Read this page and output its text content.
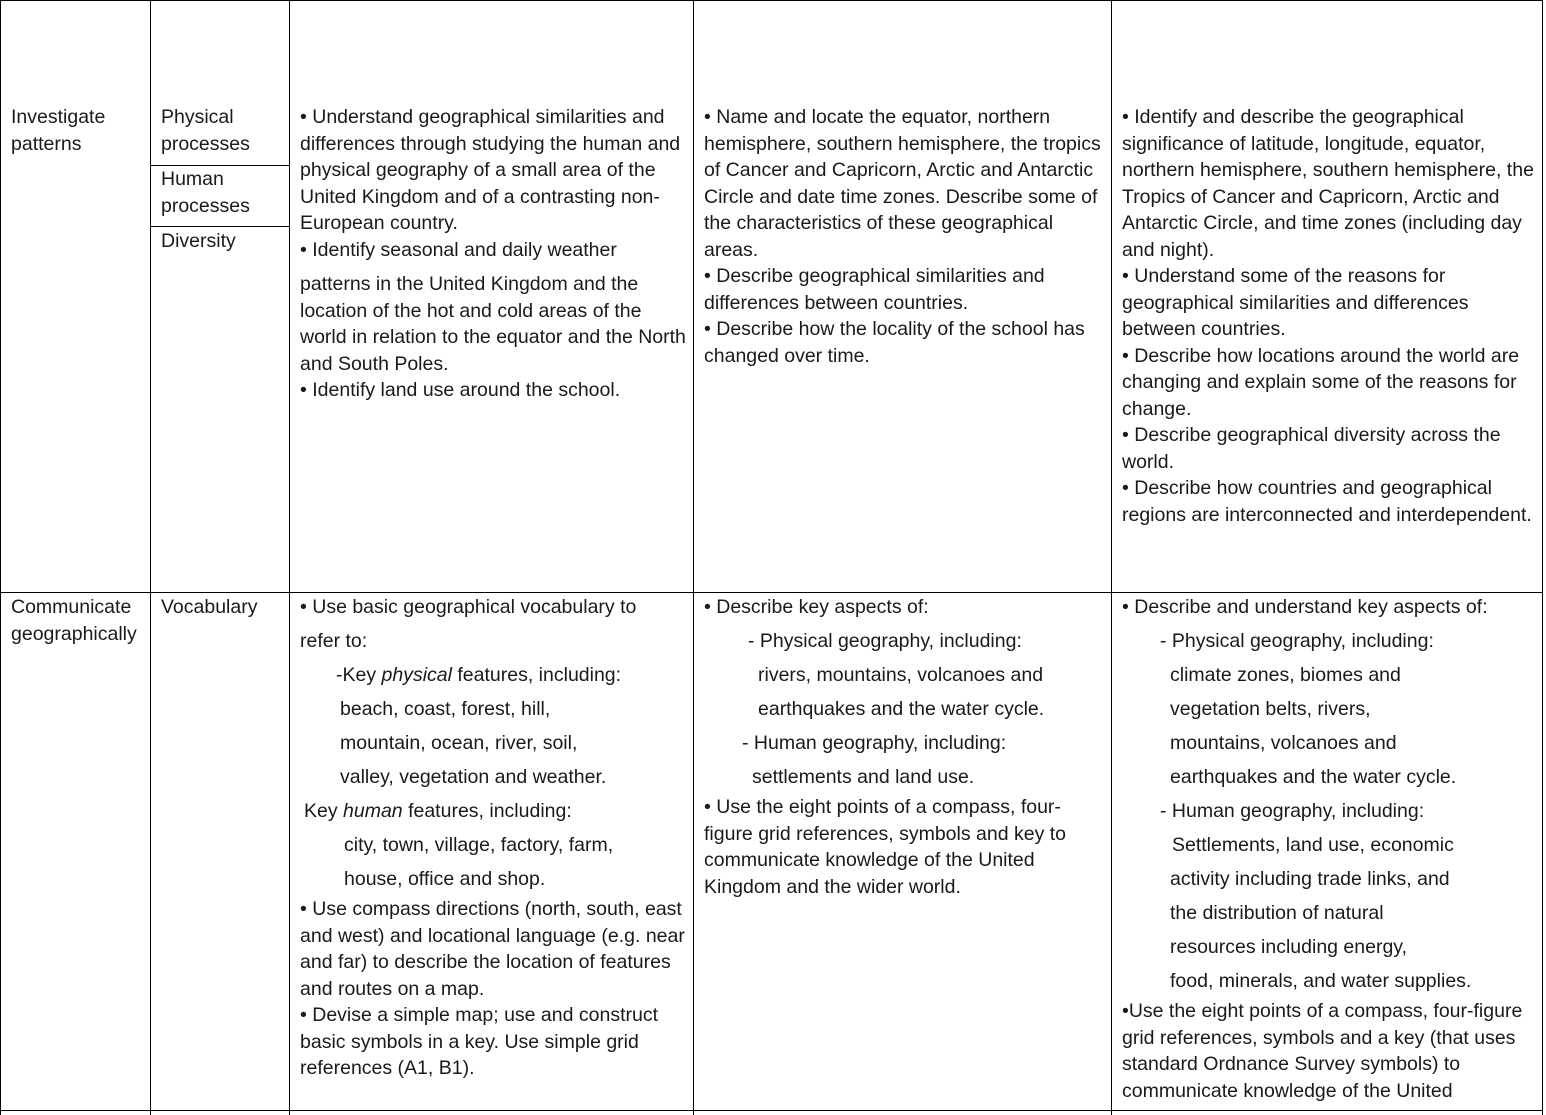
Investigate patterns

Physical processes

Human processes

Diversity

• Understand geographical similarities and differences through studying the human and physical geography of a small area of the United Kingdom and of a contrasting non-European country.

• Identify seasonal and daily weather

patterns in the United Kingdom and the location of the hot and cold areas of the world in relation to the equator and the North and South Poles.

• Identify land use around the school.

• Name and locate the equator, northern hemisphere, southern hemisphere, the tropics of Cancer and Capricorn, Arctic and Antarctic Circle and date time zones. Describe some of the characteristics of these geographical areas.

• Describe geographical similarities and differences between countries.

• Describe how the locality of the school has changed over time.

• Identify and describe the geographical significance of latitude, longitude, equator, northern hemisphere, southern hemisphere, the Tropics of Cancer and Capricorn, Arctic and Antarctic Circle, and time zones (including day and night).

• Understand some of the reasons for geographical similarities and differences between countries.

• Describe how locations around the world are changing and explain some of the reasons for change.

• Describe geographical diversity across the world.

• Describe how countries and geographical regions are interconnected and interdependent.

Communicate geographically

Vocabulary	• Use basic geographical vocabulary to

refer to:

-Key physical features, including:

beach, coast, forest, hill,

mountain, ocean, river, soil,

valley, vegetation and weather.

Key human features, including:

city, town, village, factory, farm,

house, office and shop.

• Use compass directions (north, south, east and west) and locational language (e.g. near and far) to describe the location of features and routes on a map.

• Devise a simple map; use and construct basic symbols in a key. Use simple grid references (A1, B1).

• Describe key aspects of:

- Physical geography, including:

rivers, mountains, volcanoes and

earthquakes and the water cycle.

- Human geography, including:

settlements and land use.

• Use the eight points of a compass, four-figure grid references, symbols and key to communicate knowledge of the United Kingdom and the wider world.

• Describe and understand key aspects of:

- Physical geography, including:

climate zones, biomes and

vegetation belts, rivers,

mountains, volcanoes and

earthquakes and the water cycle.

- Human geography, including:

Settlements, land use, economic

activity including trade links, and

the distribution of natural

resources including energy,

food, minerals, and water supplies.

•Use the eight points of a compass, four-figure grid references, symbols and a key (that uses standard Ordnance Survey symbols) to communicate knowledge of the United
